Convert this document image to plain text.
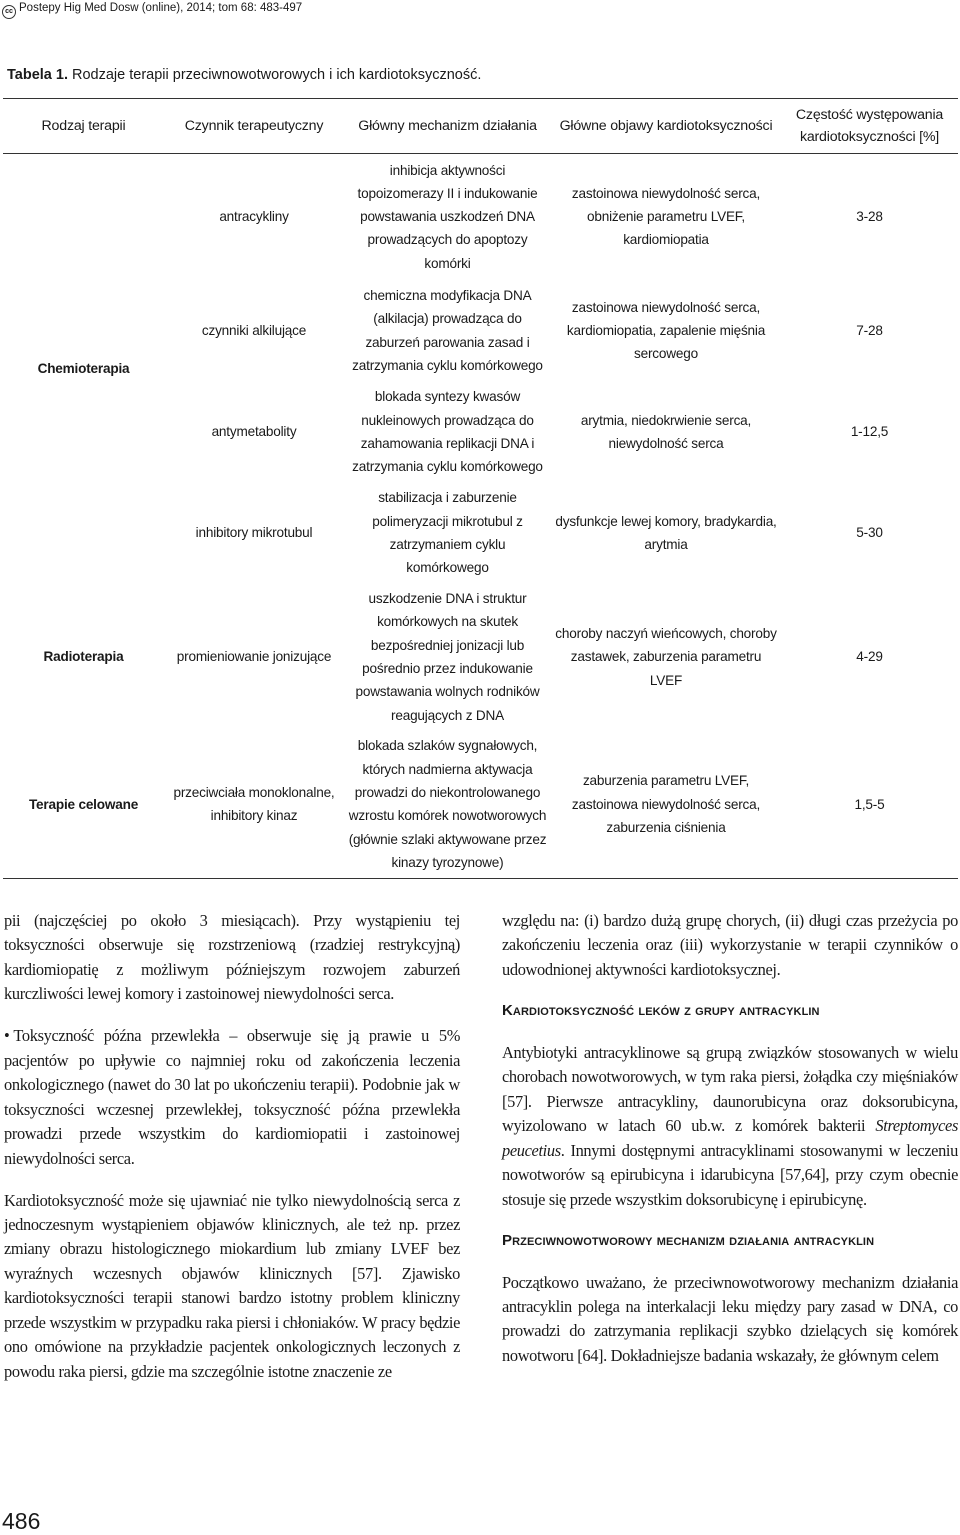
cc Postepy Hig Med Dosw (online), 2014; tom 68: 483-497
Tabela 1. Rodzaje terapii przeciwnowotworowych i ich kardiotoksyczność.
Rodzaj terapii	Czynnik terapeutyczny	Główny mechanizm działania	Główne objawy kardiotoksyczności	Częstość występowania kardiotoksyczności [%]
Chemioterapia	antracykliny	inhibicja aktywności topoizomerazy II i indukowanie powstawania uszkodzeń DNA prowadzących do apoptozy komórki	zastoinowa niewydolność serca, obniżenie parametru LVEF, kardiomiopatia	3-28
	czynniki alkilujące	chemiczna modyfikacja DNA (alkilacja) prowadząca do zaburzeń parowania zasad i zatrzymania cyklu komórkowego	zastoinowa niewydolność serca, kardiomiopatia, zapalenie mięśnia sercowego	7-28
	antymetabolity	blokada syntezy kwasów nukleinowych prowadząca do zahamowania replikacji DNA i zatrzymania cyklu komórkowego	arytmia, niedokrwienie serca, niewydolność serca	1-12,5
	inhibitory mikrotubul	stabilizacja i zaburzenie polimeryzacji mikrotubul z zatrzymaniem cyklu komórkowego	dysfunkcje lewej komory, bradykardia, arytmia	5-30
Radioterapia	promieniowanie jonizujące	uszkodzenie DNA i struktur komórkowych na skutek bezpośredniej jonizacji lub pośrednio przez indukowanie powstawania wolnych rodników reagujących z DNA	choroby naczyń wieńcowych, choroby zastawek, zaburzenia parametru LVEF	4-29
Terapie celowane	przeciwciała monoklonalne, inhibitory kinaz	blokada szlaków sygnałowych, których nadmierna aktywacja prowadzi do niekontrolowanego wzrostu komórek nowotworowych (głównie szlaki aktywowane przez kinazy tyrozynowe)	zaburzenia parametru LVEF, zastoinowa niewydolność serca, zaburzenia ciśnienia	1,5-5

pii (najczęściej po około 3 miesiącach). Przy wystąpieniu tej toksyczności obserwuje się rozstrzeniową (rzadziej restrykcyjną) kardiomiopatię z możliwym późniejszym rozwojem zaburzeń kurczliwości lewej komory i zastoinowej niewydolności serca.

• Toksyczność późna przewlekła – obserwuje się ją prawie u 5% pacjentów po upływie co najmniej roku od zakończenia leczenia onkologicznego (nawet do 30 lat po ukończeniu terapii). Podobnie jak w toksyczności wczesnej przewlekłej, toksyczność późna przewlekła prowadzi przede wszystkim do kardiomiopatii i zastoinowej niewydolności serca.

Kardiotoksyczność może się ujawniać nie tylko niewydolnością serca z jednoczesnym wystąpieniem objawów klinicznych, ale też np. przez zmiany obrazu histologicznego miokardium lub zmiany LVEF bez wyraźnych wczesnych objawów klinicznych [57]. Zjawisko kardiotoksyczności terapii stanowi bardzo istotny problem kliniczny przede wszystkim w przypadku raka piersi i chłoniaków. W pracy będzie ono omówione na przykładzie pacjentek onkologicznych leczonych z powodu raka piersi, gdzie ma szczególnie istotne znaczenie ze

względu na: (i) bardzo dużą grupę chorych, (ii) długi czas przeżycia po zakończeniu leczenia oraz (iii) wykorzystanie w terapii czynników o udowodnionej aktywności kardiotoksycznej.

Kardiotoksyczność leków z grupy antracyklin

Antybiotyki antracyklinowe są grupą związków stosowanych w wielu chorobach nowotworowych, w tym raka piersi, żołądka czy mięśniaków [57]. Pierwsze antracykliny, daunorubicyna oraz doksorubicyna, wyizolowano w latach 60 ub.w. z komórek bakterii Streptomyces peucetius. Innymi dostępnymi antracyklinami stosowanymi w leczeniu nowotworów są epirubicyna i idarubicyna [57,64], przy czym obecnie stosuje się przede wszystkim doksorubicynę i epirubicynę.

Przeciwnowotworowy mechanizm działania antracyklin

Początkowo uważano, że przeciwnowotworowy mechanizm działania antracyklin polega na interkalacji leku między pary zasad w DNA, co prowadzi do zatrzymania replikacji szybko dzielących się komórek nowotworu [64]. Dokładniejsze badania wskazały, że głównym celem

486
